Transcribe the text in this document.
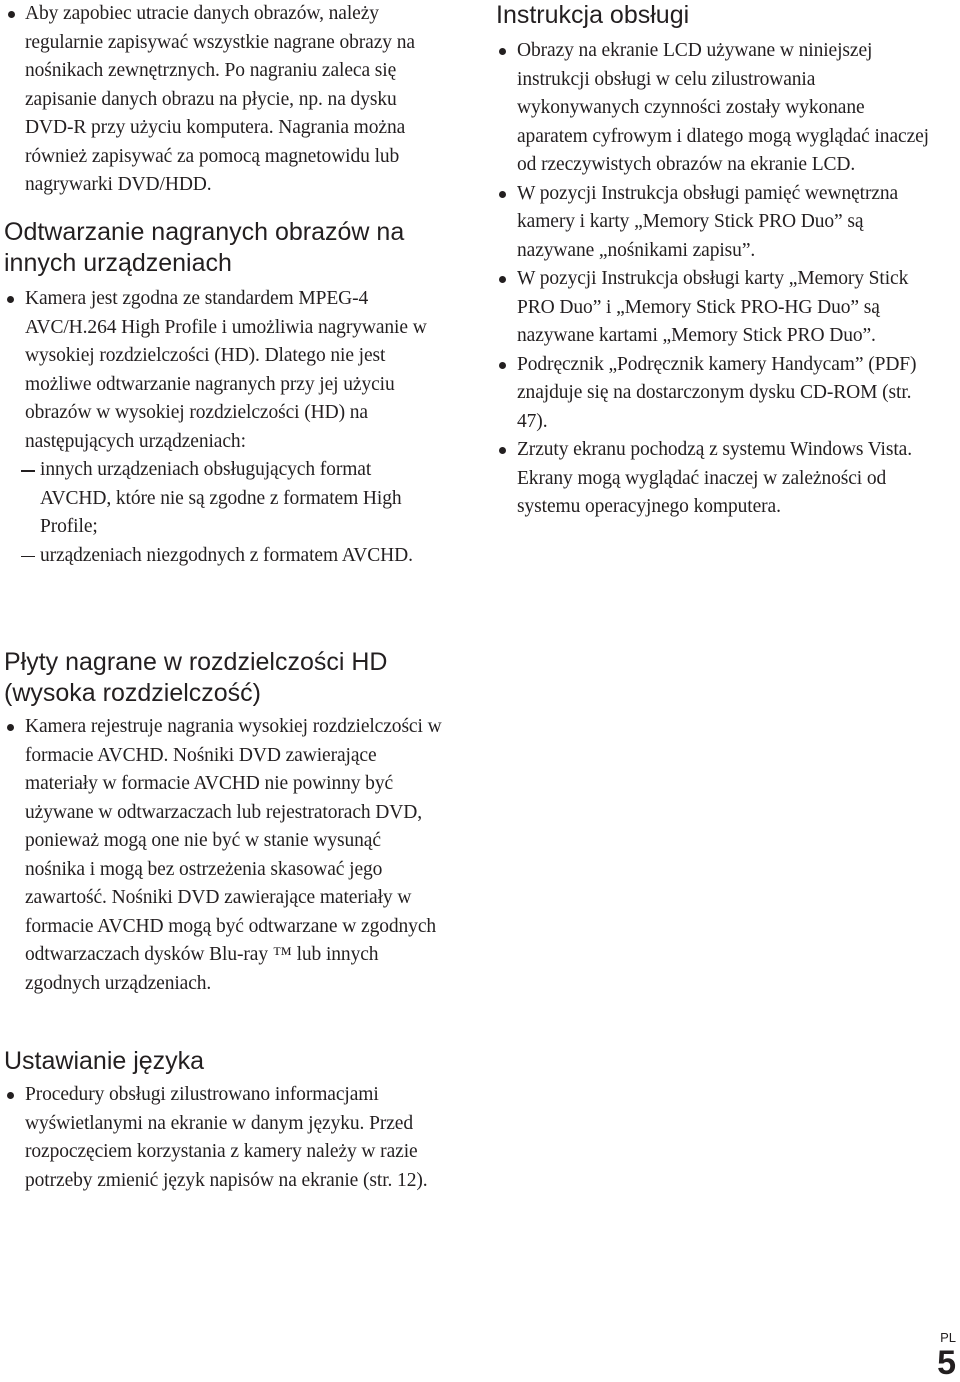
Aby zapobiec utracie danych obrazów, należy regularnie zapisywać wszystkie nagrane obrazy na nośnikach zewnętrznych. Po nagraniu zaleca się zapisanie danych obrazu na płycie, np. na dysku DVD-R przy użyciu komputera. Nagrania można również zapisywać za pomocą magnetowidu lub nagrywarki DVD/HDD.
Odtwarzanie nagranych obrazów na innych urządzeniach
Kamera jest zgodna ze standardem MPEG-4 AVC/H.264 High Profile i umożliwia nagrywanie w wysokiej rozdzielczości (HD). Dlatego nie jest możliwe odtwarzanie nagranych przy jej użyciu obrazów w wysokiej rozdzielczości (HD) na następujących urządzeniach:
innych urządzeniach obsługujących format AVCHD, które nie są zgodne z formatem High Profile;
urządzeniach niezgodnych z formatem AVCHD.
Płyty nagrane w rozdzielczości HD (wysoka rozdzielczość)
Kamera rejestruje nagrania wysokiej rozdzielczości w formacie AVCHD. Nośniki DVD zawierające materiały w formacie AVCHD nie powinny być używane w odtwarzaczach lub rejestratorach DVD, ponieważ mogą one nie być w stanie wysunąć nośnika i mogą bez ostrzeżenia skasować jego zawartość. Nośniki DVD zawierające materiały w formacie AVCHD mogą być odtwarzane w zgodnych odtwarzaczach dysków Blu-ray ™ lub innych zgodnych urządzeniach.
Ustawianie języka
Procedury obsługi zilustrowano informacjami wyświetlanymi na ekranie w danym języku. Przed rozpoczęciem korzystania z kamery należy w razie potrzeby zmienić język napisów na ekranie (str. 12).
Instrukcja obsługi
Obrazy na ekranie LCD używane w niniejszej instrukcji obsługi w celu zilustrowania wykonywanych czynności zostały wykonane aparatem cyfrowym i dlatego mogą wyglądać inaczej od rzeczywistych obrazów na ekranie LCD.
W pozycji Instrukcja obsługi pamięć wewnętrzna kamery i karty „Memory Stick PRO Duo” są nazywane „nośnikami zapisu”.
W pozycji Instrukcja obsługi karty „Memory Stick PRO Duo” i „Memory Stick PRO-HG Duo” są nazywane kartami „Memory Stick PRO Duo”.
Podręcznik „Podręcznik kamery Handycam” (PDF) znajduje się na dostarczonym dysku CD-ROM (str. 47).
Zrzuty ekranu pochodzą z systemu Windows Vista. Ekrany mogą wyglądać inaczej w zależności od systemu operacyjnego komputera.
PL
5
